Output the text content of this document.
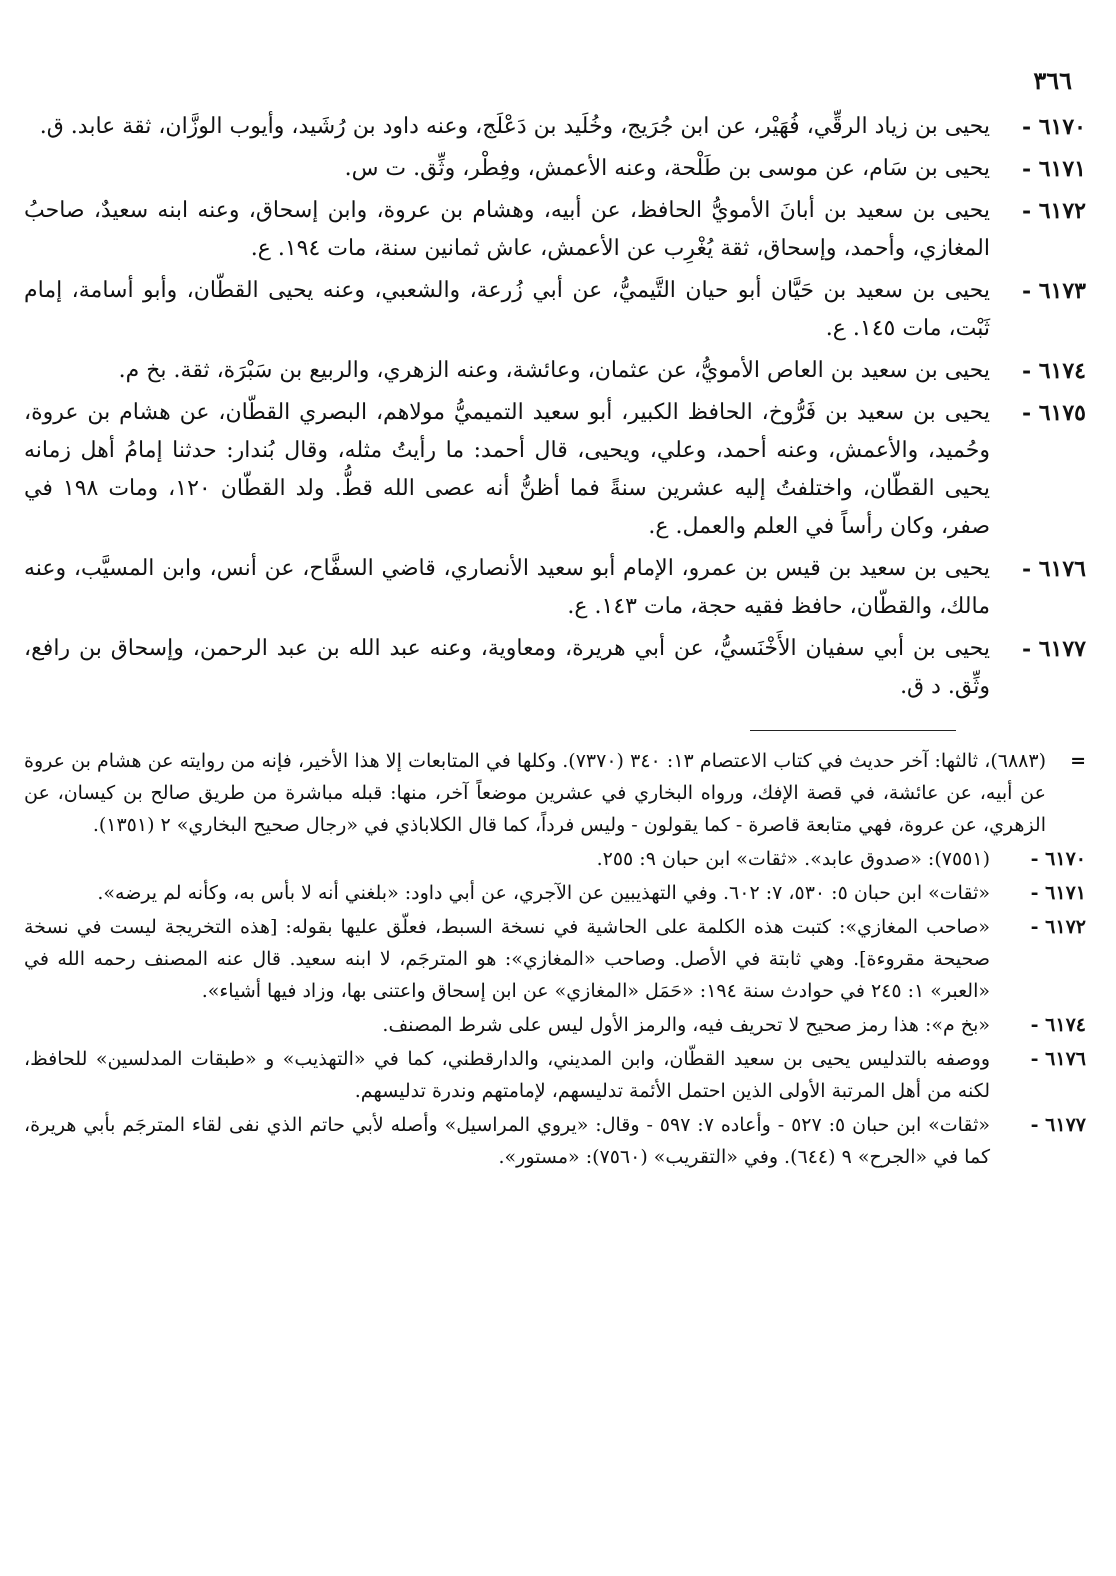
٣٦٦
٦١٧٠ -
يحيى بن زياد الرقِّي، فُهَيْر، عن ابن جُرَيج، وخُلَيد بن دَعْلَج، وعنه داود بن رُشَيد، وأيوب الوزَّان، ثقة عابد. ق.
٦١٧١ -
يحيى بن سَام، عن موسى بن طَلْحة، وعنه الأعمش، وفِطْر، وثِّق. ت س.
٦١٧٢ -
يحيى بن سعيد بن أبانَ الأمويُّ الحافظ، عن أبيه، وهشام بن عروة، وابن إسحاق، وعنه ابنه سعيدٌ، صاحبُ المغازي، وأحمد، وإسحاق، ثقة يُغْرِب عن الأعمش، عاش ثمانين سنة، مات ١٩٤. ع.
٦١٧٣ -
يحيى بن سعيد بن حَيَّان أبو حيان التَّيميُّ، عن أبي زُرعة، والشعبي، وعنه يحيى القطّان، وأبو أسامة، إمام ثَبْت، مات ١٤٥. ع.
٦١٧٤ -
يحيى بن سعيد بن العاص الأمويُّ، عن عثمان، وعائشة، وعنه الزهري، والربيع بن سَبْرَة، ثقة. بخ م.
٦١٧٥ -
يحيى بن سعيد بن فَرُّوخ، الحافظ الكبير، أبو سعيد التميميُّ مولاهم، البصري القطّان، عن هشام بن عروة، وحُميد، والأعمش، وعنه أحمد، وعلي، ويحيى، قال أحمد: ما رأيتُ مثله، وقال بُندار: حدثنا إمامُ أهل زمانه يحيى القطّان، واختلفتُ إليه عشرين سنةً فما أظنُّ أنه عصى الله قطُّ. ولد القطّان ١٢٠، ومات ١٩٨ في صفر، وكان رأساً في العلم والعمل. ع.
٦١٧٦ -
يحيى بن سعيد بن قيس بن عمرو، الإمام أبو سعيد الأنصاري، قاضي السفَّاح، عن أنس، وابن المسيَّب، وعنه مالك، والقطّان، حافظ فقيه حجة، مات ١٤٣. ع.
٦١٧٧ -
يحيى بن أبي سفيان الأَخْنَسيُّ، عن أبي هريرة، ومعاوية، وعنه عبد الله بن عبد الرحمن، وإسحاق بن رافع، وثِّق. د ق.
=
(٦٨٨٣)، ثالثها: آخر حديث في كتاب الاعتصام ١٣: ٣٤٠ (٧٣٧٠). وكلها في المتابعات إلا هذا الأخير، فإنه من روايته عن هشام بن عروة عن أبيه، عن عائشة، في قصة الإفك، ورواه البخاري في عشرين موضعاً آخر، منها: قبله مباشرة من طريق صالح بن كيسان، عن الزهري، عن عروة، فهي متابعة قاصرة - كما يقولون - وليس فرداً، كما قال الكلاباذي في «رجال صحيح البخاري» ٢ (١٣٥١).
٦١٧٠ -
(٧٥٥١): «صدوق عابد». «ثقات» ابن حبان ٩: ٢٥٥.
٦١٧١ -
«ثقات» ابن حبان ٥: ٥٣٠، ٧: ٦٠٢. وفي التهذيبين عن الآجري، عن أبي داود: «بلغني أنه لا بأس به، وكأنه لم يرضه».
٦١٧٢ -
«صاحب المغازي»: كتبت هذه الكلمة على الحاشية في نسخة السبط، فعلّق عليها بقوله: [هذه التخريجة ليست في نسخة صحيحة مقروءة]. وهي ثابتة في الأصل. وصاحب «المغازي»: هو المترجَم، لا ابنه سعيد. قال عنه المصنف رحمه الله في «العبر» ١: ٢٤٥ في حوادث سنة ١٩٤: «حَمَل «المغازي» عن ابن إسحاق واعتنى بها، وزاد فيها أشياء».
٦١٧٤ -
«بخ م»: هذا رمز صحيح لا تحريف فيه، والرمز الأول ليس على شرط المصنف.
٦١٧٦ -
ووصفه بالتدليس يحيى بن سعيد القطّان، وابن المديني، والدارقطني، كما في «التهذيب» و «طبقات المدلسين» للحافظ، لكنه من أهل المرتبة الأولى الذين احتمل الأئمة تدليسهم، لإمامتهم وندرة تدليسهم.
٦١٧٧ -
«ثقات» ابن حبان ٥: ٥٢٧ - وأعاده ٧: ٥٩٧ - وقال: «يروي المراسيل» وأصله لأبي حاتم الذي نفى لقاء المترجَم بأبي هريرة، كما في «الجرح» ٩ (٦٤٤). وفي «التقريب» (٧٥٦٠): «مستور».
